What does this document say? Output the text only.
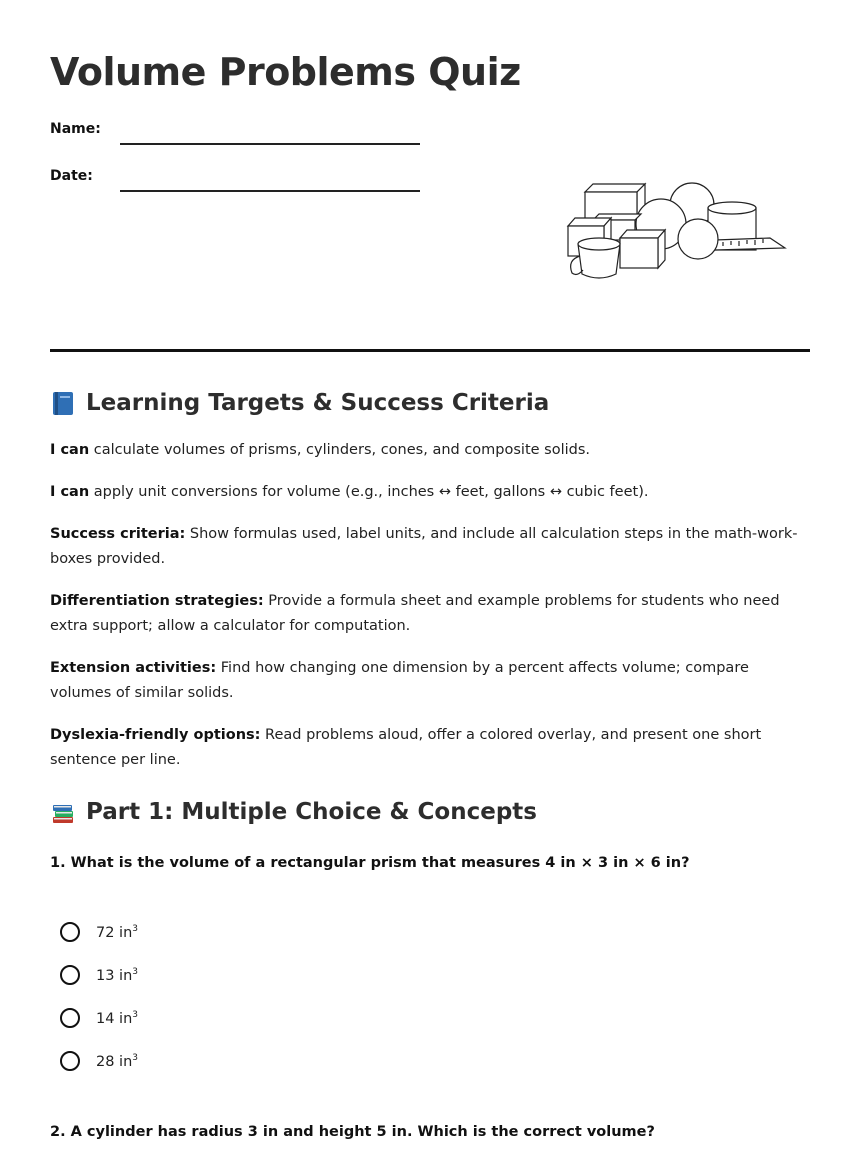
Volume Problems Quiz
Name:
Date:
Learning Targets & Success Criteria

I can calculate volumes of prisms, cylinders, cones, and composite solids.

I can apply unit conversions for volume (e.g., inches ↔ feet, gallons ↔ cubic feet).

Success criteria: Show formulas used, label units, and include all calculation steps in the math-work-boxes provided.

Differentiation strategies: Provide a formula sheet and example problems for students who need extra support; allow a calculator for computation.

Extension activities: Find how changing one dimension by a percent affects volume; compare volumes of similar solids.

Dyslexia-friendly options: Read problems aloud, offer a colored overlay, and present one short sentence per line.

Part 1: Multiple Choice & Concepts

1. What is the volume of a rectangular prism that measures 4 in × 3 in × 6 in?

72 $in^3$
13 $in^3$
14 $in^3$
28 $in^3$

2. A cylinder has radius 3 in and height 5 in. Which is the correct volume?
